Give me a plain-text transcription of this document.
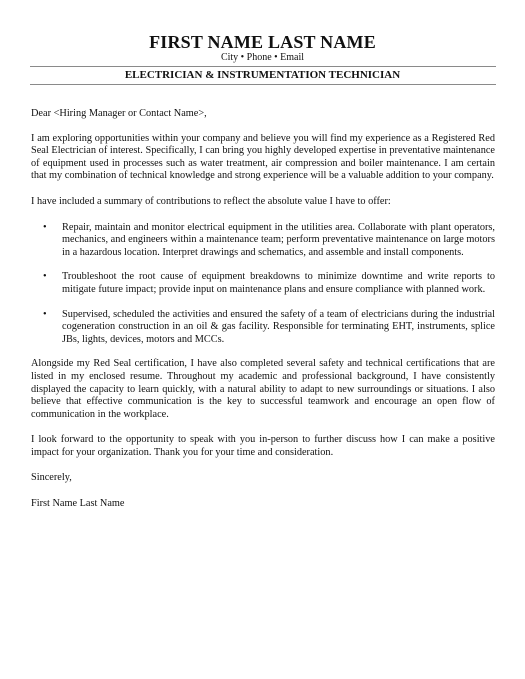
FIRST NAME LAST NAME
City • Phone • Email
ELECTRICIAN & INSTRUMENTATION TECHNICIAN

Dear <Hiring Manager or Contact Name>,

I am exploring opportunities within your company and believe you will find my experience as a Registered Red Seal Electrician of interest. Specifically, I can bring you highly developed expertise in preventative maintenance of equipment used in processes such as water treatment, air compression and boiler maintenance. I am certain that my combination of technical knowledge and strong experience will be a valuable addition to your company.

I have included a summary of contributions to reflect the absolute value I have to offer:

• Repair, maintain and monitor electrical equipment in the utilities area. Collaborate with plant operators, mechanics, and engineers within a maintenance team; perform preventative maintenance on large motors in a hazardous location. Interpret drawings and schematics, and assemble and install components.
• Troubleshoot the root cause of equipment breakdowns to minimize downtime and write reports to mitigate future impact; provide input on maintenance plans and ensure compliance with planned work.
• Supervised, scheduled the activities and ensured the safety of a team of electricians during the industrial cogeneration construction in an oil & gas facility. Responsible for terminating EHT, instruments, splice JBs, lights, devices, motors and MCCs.

Alongside my Red Seal certification, I have also completed several safety and technical certifications that are listed in my enclosed resume. Throughout my academic and professional background, I have consistently displayed the capacity to learn quickly, with a natural ability to adapt to new surroundings or situations. I also believe that effective communication is the key to successful teamwork and encourage an open flow of communication in the workplace.

I look forward to the opportunity to speak with you in-person to further discuss how I can make a positive impact for your organization. Thank you for your time and consideration.

Sincerely,

First Name Last Name
